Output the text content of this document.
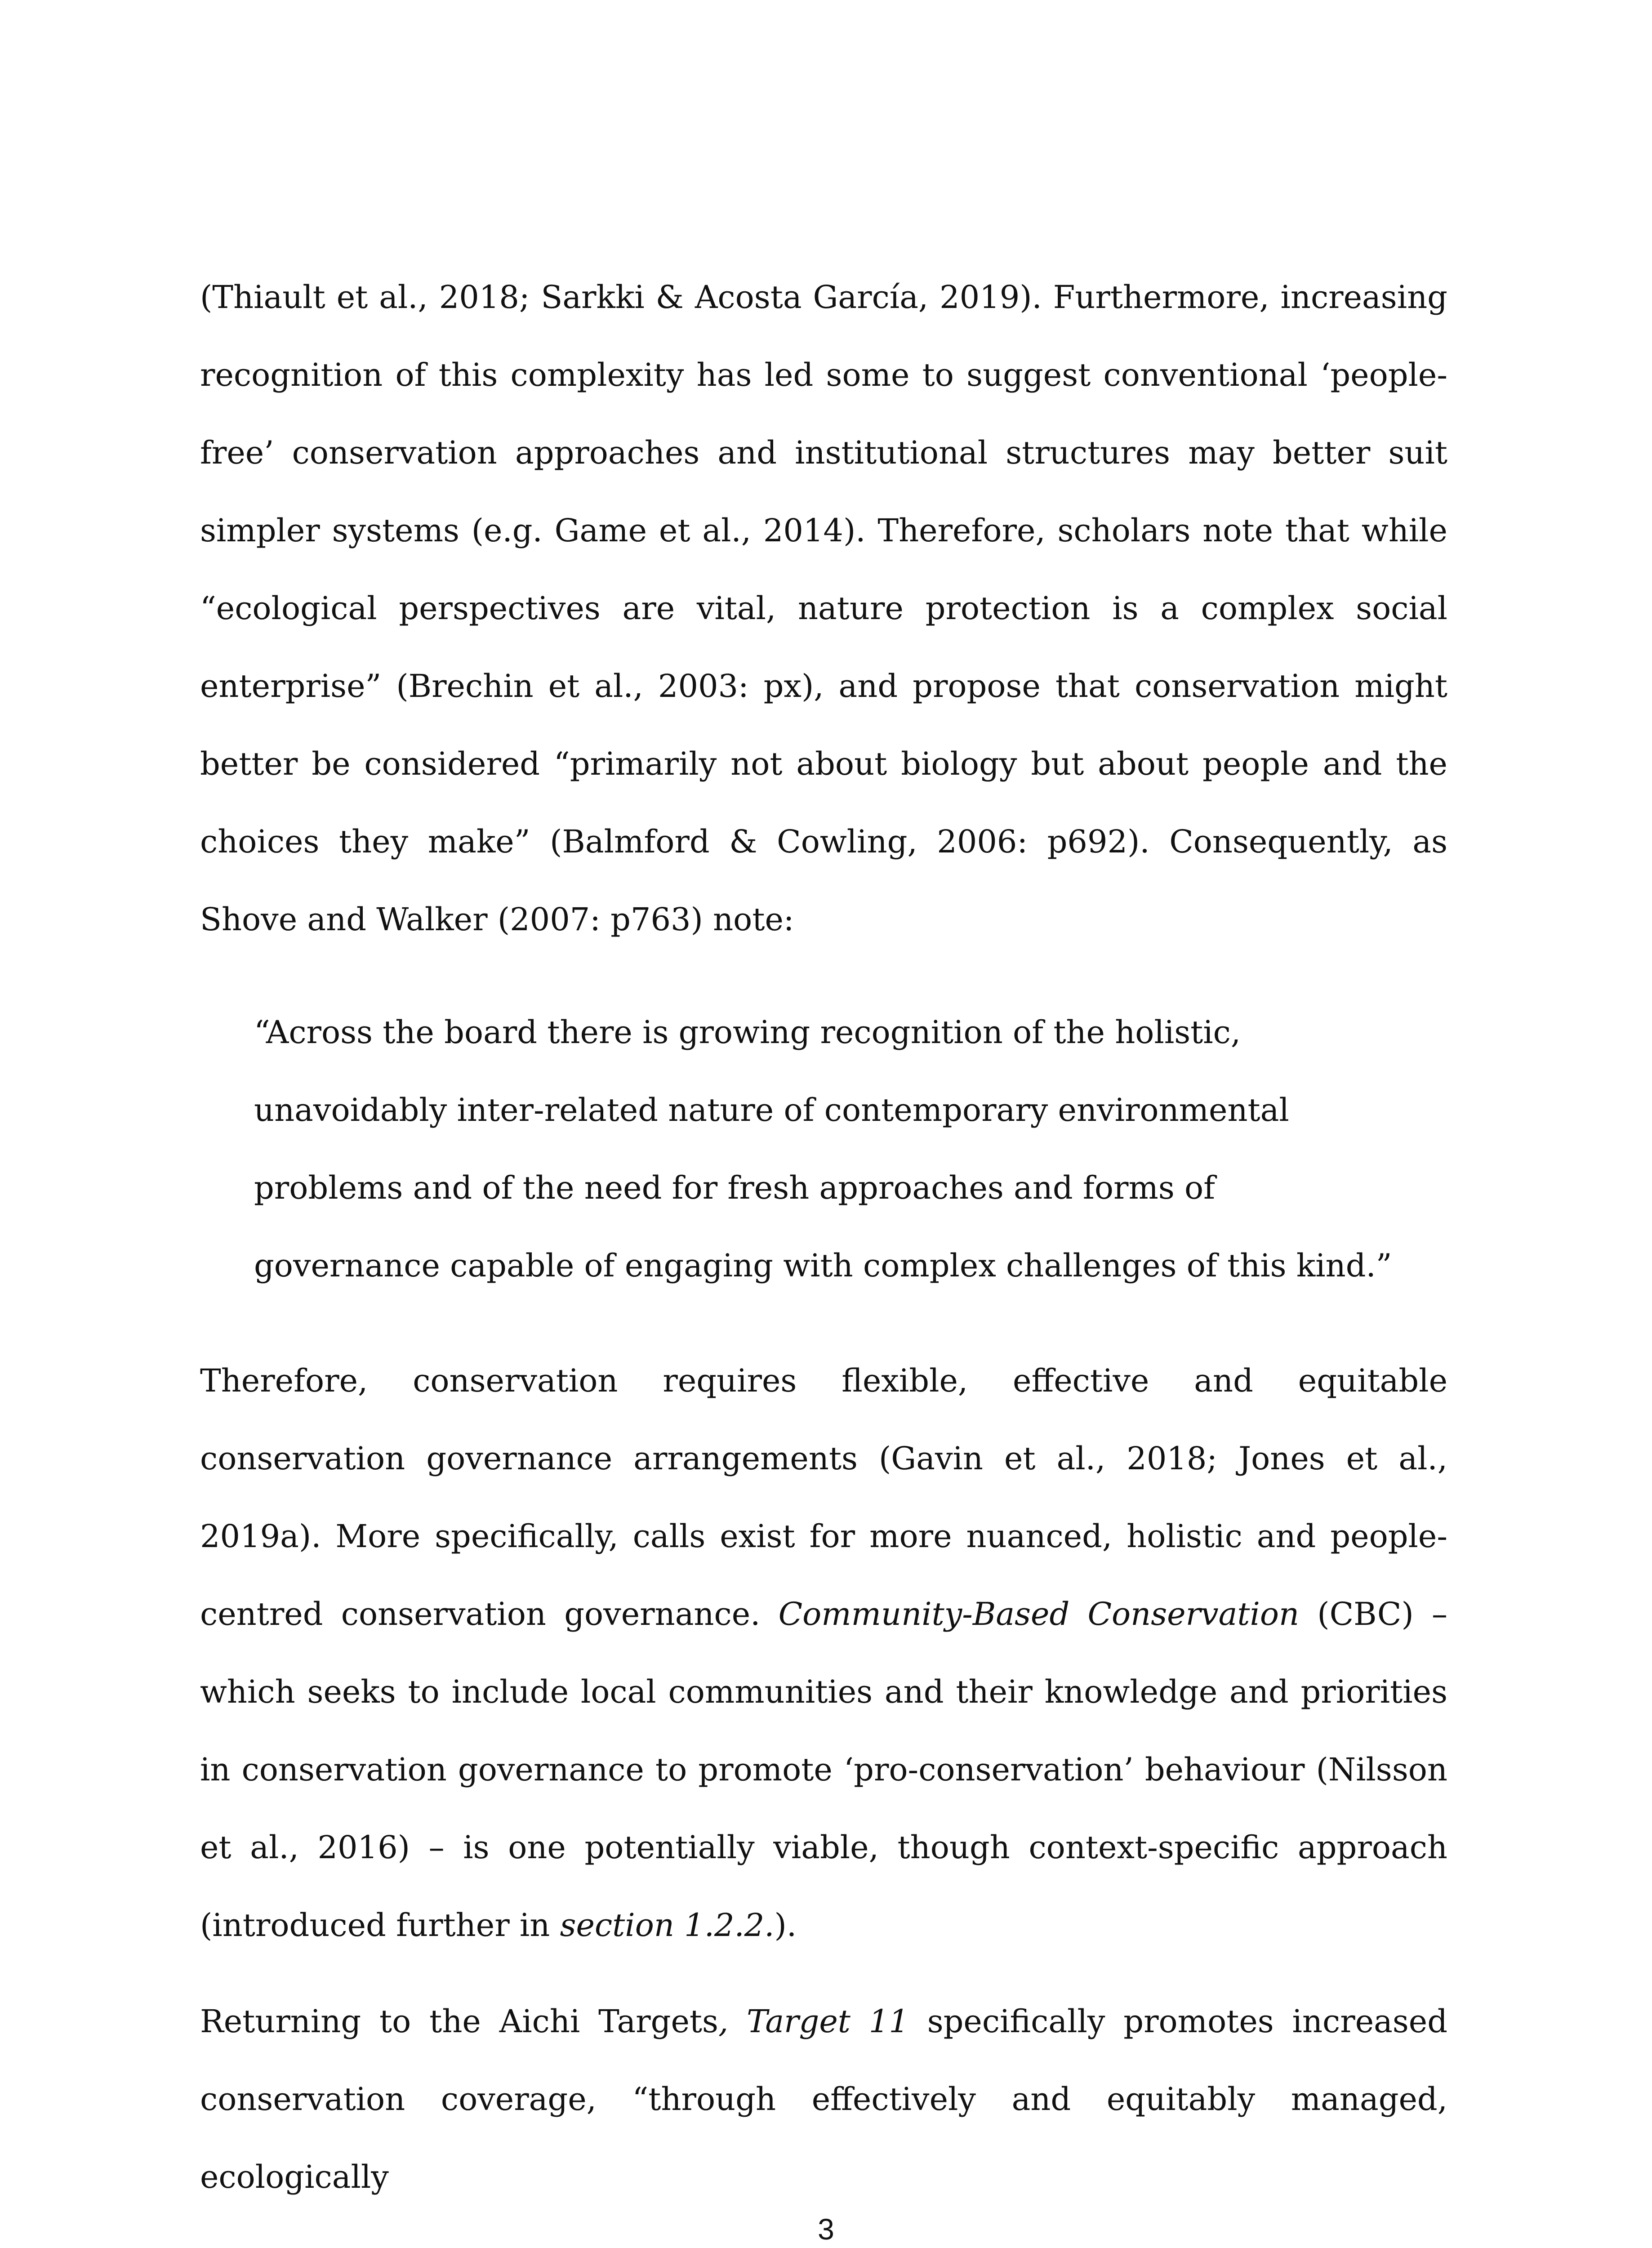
(Thiault et al., 2018; Sarkki & Acosta García, 2019). Furthermore, increasing recognition of this complexity has led some to suggest conventional ‘people-free’ conservation approaches and institutional structures may better suit simpler systems (e.g. Game et al., 2014). Therefore, scholars note that while “ecological perspectives are vital, nature protection is a complex social enterprise” (Brechin et al., 2003: px), and propose that conservation might better be considered “primarily not about biology but about people and the choices they make” (Balmford & Cowling, 2006: p692). Consequently, as Shove and Walker (2007: p763) note:

Therefore, conservation requires flexible, effective and equitable conservation governance arrangements (Gavin et al., 2018; Jones et al., 2019a). More specifically, calls exist for more nuanced, holistic and people-centred conservation governance. Community-Based Conservation (CBC) – which seeks to include local communities and their knowledge and priorities in conservation governance to promote ‘pro-conservation’ behaviour (Nilsson et al., 2016) – is one potentially viable, though context-specific approach (introduced further in section 1.2.2.).

Returning to the Aichi Targets, Target 11 specifically promotes increased conservation coverage, “through effectively and equitably managed, ecologically

“Across the board there is growing recognition of the holistic, unavoidably inter-related nature of contemporary environmental problems and of the need for fresh approaches and forms of governance capable of engaging with complex challenges of this kind.”

3
